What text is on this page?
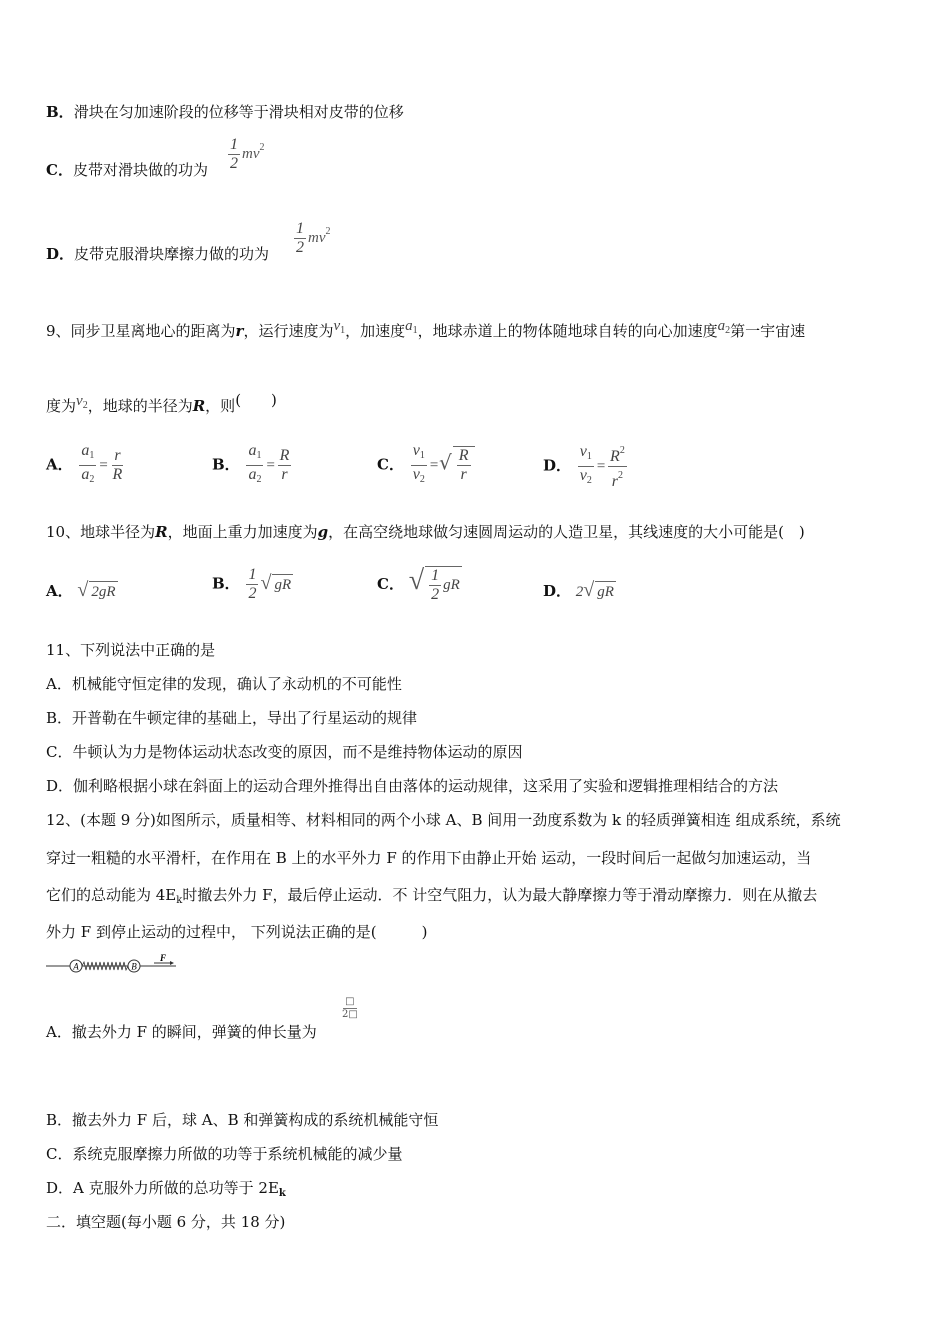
B．滑块在匀加速阶段的位移等于滑块相对皮带的位移
C．皮带对滑块做的功为 $\frac{1}{2} mv^2$
D．皮带克服滑块摩擦力做的功为 $\frac{1}{2} mv^2$
9、同步卫星离地心的距离为r，运行速度为$v_1$，加速度$a_1$，地球赤道上的物体随地球自转的向心加速度$a_2$第一宇宙速
度为$v_2$，地球的半径为R，则(　　)
A． $\frac{a_1}{a_2} = \frac{r}{R}$	B． $\frac{a_1}{a_2} = \frac{R}{r}$	C． $\frac{v_1}{v_2}$ =√ $\frac{R}{r}$	D． $\frac{v_1}{v_2} = \frac{R^2}{r^2}$
10、地球半径为R，地面上重力加速度为g，在高空绕地球做匀速圆周运动的人造卫星，其线速度的大小可能是(　)
A． √ 2gR	B． $\frac{1}{2}$ √ gR	C． √ $\frac{1}{2}$ gR	D． 2√ gR
11、下列说法中正确的是
A．机械能守恒定律的发现，确认了永动机的不可能性
B．开普勒在牛顿定律的基础上，导出了行星运动的规律
C．牛顿认为力是物体运动状态改变的原因，而不是维持物体运动的原因
D．伽利略根据小球在斜面上的运动合理外推得出自由落体的运动规律，这采用了实验和逻辑推理相结合的方法
12、(本题 9 分)如图所示，质量相等、材料相同的两个小球 A、B 间用一劲度系数为 k 的轻质弹簧相连 组成系统，系统
穿过一粗糙的水平滑杆，在作用在 B 上的水平外力 F 的作用下由静止开始 运动，一段时间后一起做匀加速运动，当
它们的总动能为 $4E_k$时撤去外力 F，最后停止运动．不 计空气阻力，认为最大静摩擦力等于滑动摩擦力．则在从撤去
外力 F 到停止运动的过程中， 下列说法正确的是(　　　)
A	B
F
A．撤去外力 F 的瞬间，弹簧的伸长量为
□
2□
B．撤去外力 F 后，球 A、B 和弹簧构成的系统机械能守恒
C．系统克服摩擦力所做的功等于系统机械能的减少量
D．A 克服外力所做的总功等于 $2E_k$
二．填空题(每小题 6 分，共 18 分)
